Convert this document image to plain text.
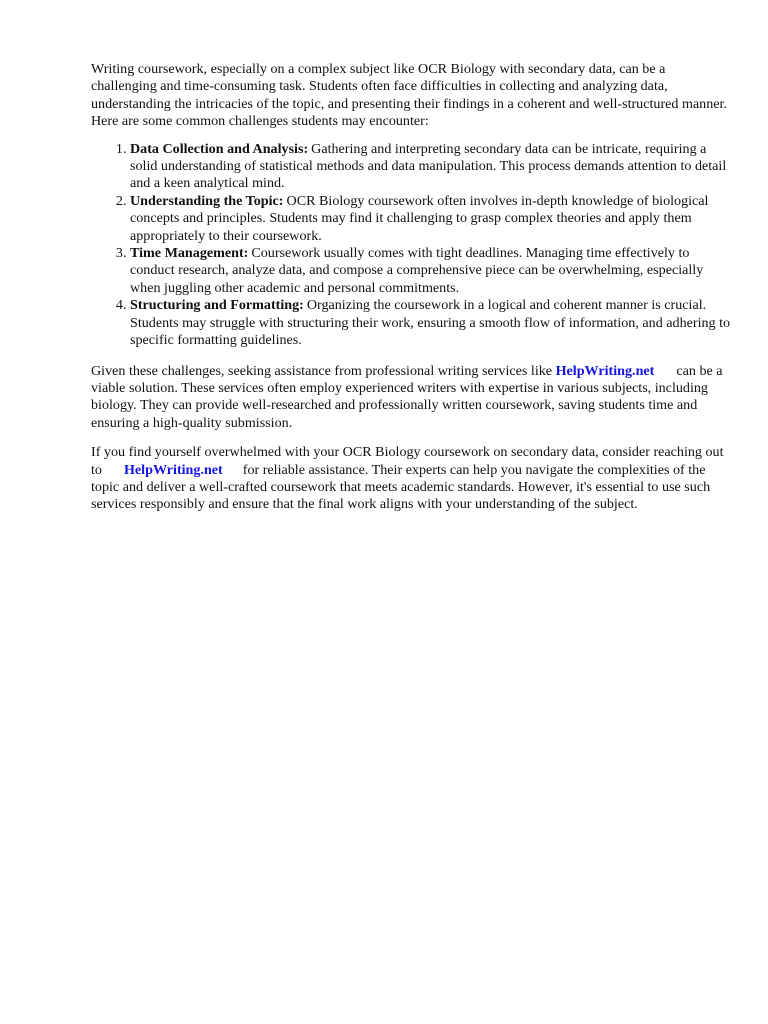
Writing coursework, especially on a complex subject like OCR Biology with secondary data, can be a challenging and time-consuming task. Students often face difficulties in collecting and analyzing data, understanding the intricacies of the topic, and presenting their findings in a coherent and well-structured manner. Here are some common challenges students may encounter:

1. Data Collection and Analysis: Gathering and interpreting secondary data can be intricate, requiring a solid understanding of statistical methods and data manipulation. This process demands attention to detail and a keen analytical mind.
2. Understanding the Topic: OCR Biology coursework often involves in-depth knowledge of biological concepts and principles. Students may find it challenging to grasp complex theories and apply them appropriately to their coursework.
3. Time Management: Coursework usually comes with tight deadlines. Managing time effectively to conduct research, analyze data, and compose a comprehensive piece can be overwhelming, especially when juggling other academic and personal commitments.
4. Structuring and Formatting: Organizing the coursework in a logical and coherent manner is crucial. Students may struggle with structuring their work, ensuring a smooth flow of information, and adhering to specific formatting guidelines.

Given these challenges, seeking assistance from professional writing services like HelpWriting.net can be a viable solution. These services often employ experienced writers with expertise in various subjects, including biology. They can provide well-researched and professionally written coursework, saving students time and ensuring a high-quality submission.

If you find yourself overwhelmed with your OCR Biology coursework on secondary data, consider reaching out to HelpWriting.net for reliable assistance. Their experts can help you navigate the complexities of the topic and deliver a well-crafted coursework that meets academic standards. However, it's essential to use such services responsibly and ensure that the final work aligns with your understanding of the subject.
